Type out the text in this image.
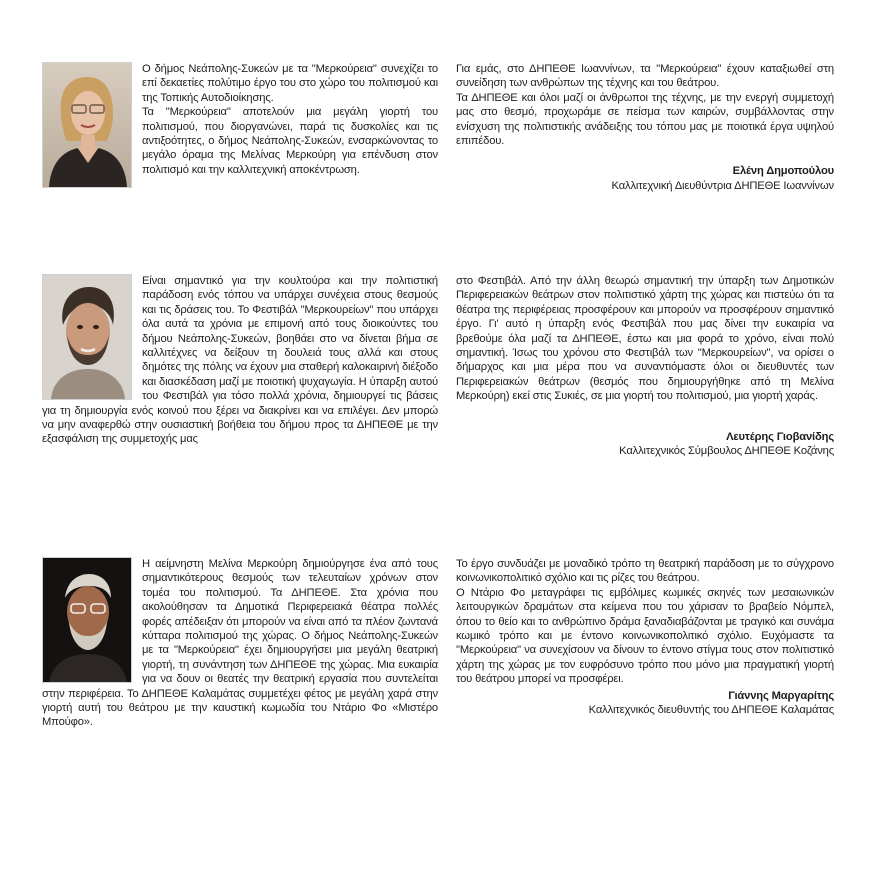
Ο δήμος Νεάπολης-Συκεών με τα "Μερκούρεια" συνεχίζει το επί δεκαετίες πολύτιμο έργο του στο χώρο του πολιτισμού και της Τοπικής Αυτοδιοίκησης.

Τα "Μερκούρεια" αποτελούν μια μεγάλη γιορτή του πολιτισμού, που διοργανώνει, παρά τις δυσκολίες και τις αντιξοότητες, ο δήμος Νεάπολης-Συκεών, ενσαρκώνοντας το μεγάλο όραμα της Μελίνας Μερκούρη για επένδυση στον πολιτισμό και την καλλιτεχνική αποκέντρωση.

Για εμάς, στο ΔΗΠΕΘΕ Ιωαννίνων, τα "Μερκούρεια" έχουν καταξιωθεί στη συνείδηση των ανθρώπων της τέχνης και του θεάτρου.

Τα ΔΗΠΕΘΕ και όλοι μαζί οι άνθρωποι της τέχνης, με την ενεργή συμμετοχή μας στο θεσμό, προχωράμε σε πείσμα των καιρών, συμβάλλοντας στην ενίσχυση της πολιτιστικής ανάδειξης του τόπου μας με ποιοτικά έργα υψηλού επιπέδου.

Ελένη Δημοπούλου
Καλλιτεχνική Διευθύντρια ΔΗΠΕΘΕ Ιωαννίνων

Είναι σημαντικό για την κουλτούρα και την πολιτιστική παράδοση ενός τόπου να υπάρχει συνέχεια στους θεσμούς και τις δράσεις του. Το Φεστιβάλ "Μερκουρείων" που υπάρχει όλα αυτά τα χρόνια με επιμονή από τους διοικούντες του δήμου Νεάπολης-Συκεών, βοηθάει στο να δίνεται βήμα σε καλλιτέχνες να δείξουν τη δουλειά τους αλλά και στους δημότες της πόλης να έχουν μια σταθερή καλοκαιρινή διέξοδο και διασκέδαση μαζί με ποιοτική ψυχαγωγία. Η ύπαρξη αυτού του Φεστιβάλ για τόσο πολλά χρόνια, δημιουργεί τις βάσεις για τη δημιουργία ενός κοινού που ξέρει να διακρίνει και να επιλέγει. Δεν μπορώ να μην αναφερθώ στην ουσιαστική βοήθεια του δήμου προς τα ΔΗΠΕΘΕ με την εξασφάλιση της συμμετοχής μας

στο Φεστιβάλ. Από την άλλη θεωρώ σημαντική την ύπαρξη των Δημοτικών Περιφερειακών θεάτρων στον πολιτιστικό χάρτη της χώρας και πιστεύω ότι τα θέατρα της περιφέρειας προσφέρουν και μπορούν να προσφέρουν σημαντικό έργο. Γι' αυτό η ύπαρξη ενός Φεστιβάλ που μας δίνει την ευκαιρία να βρεθούμε όλα μαζί τα ΔΗΠΕΘΕ, έστω και μια φορά το χρόνο, είναι πολύ σημαντική. Ίσως του χρόνου στο Φεστιβάλ των "Μερκουρείων", να ορίσει ο δήμαρχος και μια μέρα που να συναντιόμαστε όλοι οι διευθυντές των Περιφερειακών θεάτρων (θεσμός που δημιουργήθηκε από τη Μελίνα Μερκούρη) εκεί στις Συκιές, σε μια γιορτή του πολιτισμού, μια γιορτή χαράς.

Λευτέρης Γιοβανίδης
Καλλιτεχνικός Σύμβουλος ΔΗΠΕΘΕ Κοζάνης

Η αείμνηστη Μελίνα Μερκούρη δημιούργησε ένα από τους σημαντικότερους θεσμούς των τελευταίων χρόνων στον τομέα του πολιτισμού. Τα ΔΗΠΕΘΕ. Στα χρόνια που ακολούθησαν τα Δημοτικά Περιφερειακά θέατρα πολλές φορές απέδειξαν ότι μπορούν να είναι από τα πλέον ζωντανά κύτταρα πολιτισμού της χώρας. Ο δήμος Νεάπολης-Συκεών με τα "Μερκούρεια" έχει δημιουργήσει μια μεγάλη θεατρική γιορτή, τη συνάντηση των ΔΗΠΕΘΕ της χώρας. Μια ευκαιρία για να δουν οι θεατές την θεατρική εργασία που συντελείται στην περιφέρεια. Το ΔΗΠΕΘΕ Καλαμάτας συμμετέχει φέτος με μεγάλη χαρά στην γιορτή αυτή του θεάτρου με την καυστική κωμωδία του Ντάριο Φο «Μιστέρο Μπούφο».

Το έργο συνδυάζει με μοναδικό τρόπο τη θεατρική παράδοση με το σύγχρονο κοινωνικοπολιτικό σχόλιο και τις ρίζες του θεάτρου.

Ο Ντάριο Φο μεταγράφει τις εμβόλιμες κωμικές σκηνές των μεσαιωνικών λειτουργικών δραμάτων στα κείμενα που του χάρισαν το βραβείο Νόμπελ, όπου το θείο και το ανθρώπινο δράμα ξαναδιαβάζονται με τραγικό και συνάμα κωμικό τρόπο και με έντονο κοινωνικοπολιτικό σχόλιο. Ευχόμαστε τα "Μερκούρεια" να συνεχίσουν να δίνουν το έντονο στίγμα τους στον πολιτιστικό χάρτη της χώρας με τον ευφρόσυνο τρόπο που μόνο μια πραγματική γιορτή του θεάτρου μπορεί να προσφέρει.

Γιάννης Μαργαρίτης
Καλλιτεχνικός διευθυντής του ΔΗΠΕΘΕ Καλαμάτας
